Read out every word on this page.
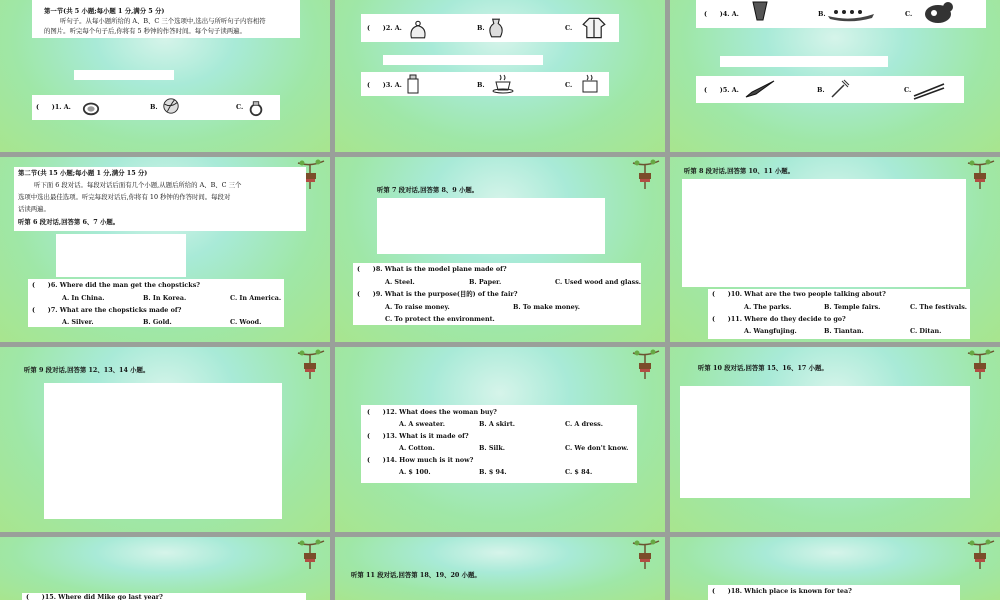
第一节(共 5 小题;每小题 1 分,满分 5 分)
听句子。从每小题所给的 A、B、C 三个选项中,选出与所听句子内容相符
的图片。听完每个句子后,你将有 5 秒钟的作答时间。每个句子读两遍。
(　　)1. A.	B.	C.
(　　)2. A.	B.	C.
(　　)3. A.	B.	C.
(　　)4. A.	B.	C.
(　　)5. A.	B.	C.
第二节(共 15 小题;每小题 1 分,满分 15 分)
听下面 6 段对话。每段对话后面有几个小题,从题后所给的 A、B、C 三个
选项中选出最佳选项。听完每段对话后,你将有 10 秒钟的作答时间。每段对
话读两遍。
听第 6 段对话,回答第 6、7 小题。
(　　)6. Where did the man get the chopsticks?
A. In China.	B. In Korea.	C. In America.
(　　)7. What are the chopsticks made of?
A. Silver.	B. Gold.	C. Wood.
听第 7 段对话,回答第 8、9 小题。
(　　)8. What is the model plane made of?
A. Steel.	B. Paper.	C. Used wood and glass.
(　　)9. What is the purpose(目的) of the fair?
A. To raise money.	B. To make money.
C. To protect the environment.
听第 8 段对话,回答第 10、11 小题。
(　　)10. What are the two people talking about?
A. The parks.	B. Temple fairs.	C. The festivals.
(　　)11. Where do they decide to go?
A. Wangfujing.	B. Tiantan.	C. Ditan.
听第 9 段对话,回答第 12、13、14 小题。
(　　)12. What does the woman buy?
A. A sweater.	B. A skirt.	C. A dress.
(　　)13. What is it made of?
A. Cotton.	B. Silk.	C. We don't know.
(　　)14. How much is it now?
A. $ 100.	B. $ 94.	C. $ 84.
听第 10 段对话,回答第 15、16、17 小题。
(　　)15. Where did Mike go last year?
听第 11 段对话,回答第 18、19、20 小题。
(　　)18. Which place is known for tea?
